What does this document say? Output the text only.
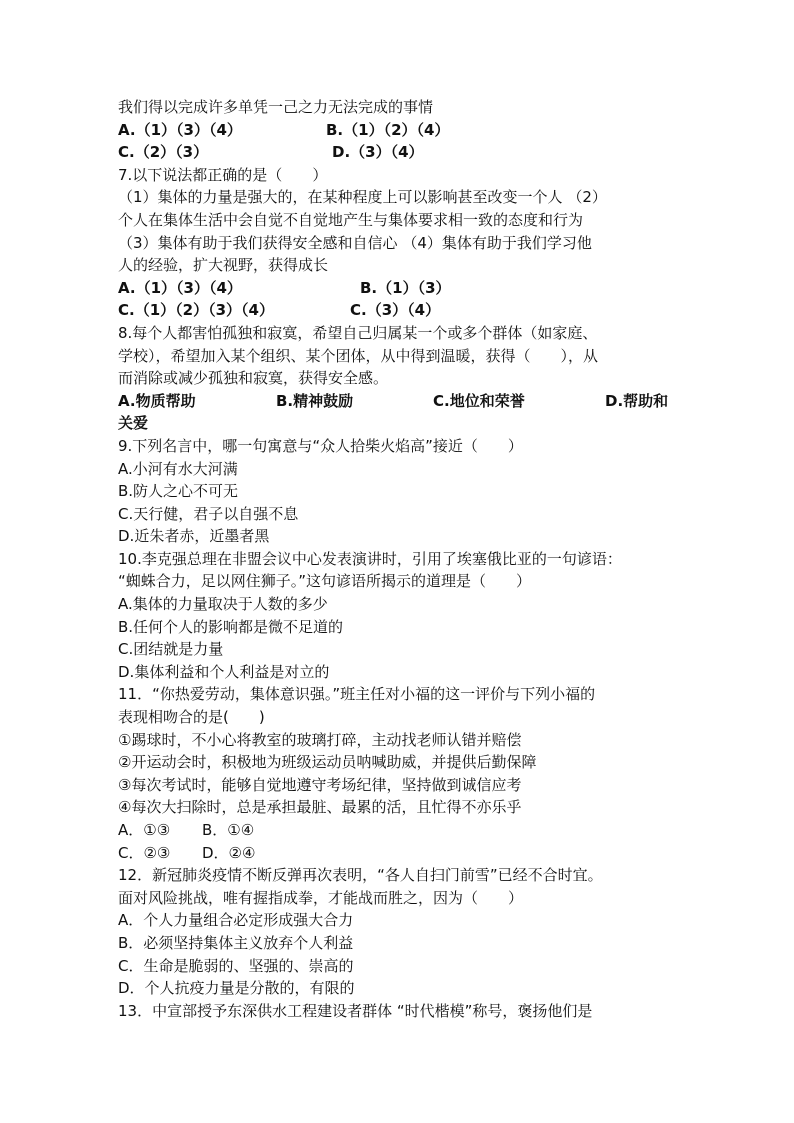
我们得以完成许多单凭一己之力无法完成的事情
A.（1）（3）（4）	B.（1）（2）（4）
C.（2）（3）	D.（3）（4）
7.以下说法都正确的是（　　）
（1）集体的力量是强大的，在某种程度上可以影响甚至改变一个人 （2）
个人在集体生活中会自觉不自觉地产生与集体要求相一致的态度和行为
（3）集体有助于我们获得安全感和自信心 （4）集体有助于我们学习他
人的经验，扩大视野，获得成长
A.（1）（3）（4）	B.（1）（3）
C.（1）（2）（3）（4）	C.（3）（4）
8.每个人都害怕孤独和寂寞，希望自己归属某一个或多个群体（如家庭、
学校），希望加入某个组织、某个团体，从中得到温暖，获得（　　），从
而消除或减少孤独和寂寞，获得安全感。
A.物质帮助	B.精神鼓励	C.地位和荣誉	D.帮助和
关爱
9.下列名言中，哪一句寓意与“众人拾柴火焰高”接近（　　）
A.小河有水大河满
B.防人之心不可无
C.天行健，君子以自强不息
D.近朱者赤，近墨者黑
10.李克强总理在非盟会议中心发表演讲时，引用了埃塞俄比亚的一句谚语：
“蜘蛛合力，足以网住狮子。”这句谚语所揭示的道理是（　　）
A.集体的力量取决于人数的多少
B.任何个人的影响都是微不足道的
C.团结就是力量
D.集体利益和个人利益是对立的
11．“你热爱劳动，集体意识强。”班主任对小福的这一评价与下列小福的
表现相吻合的是(　　)
①踢球时，不小心将教室的玻璃打碎，主动找老师认错并赔偿
②开运动会时，积极地为班级运动员呐喊助威，并提供后勤保障
③每次考试时，能够自觉地遵守考场纪律，坚持做到诚信应考
④每次大扫除时，总是承担最脏、最累的活，且忙得不亦乐乎
A．①③ B．①④
C．②③ D．②④
12．新冠肺炎疫情不断反弹再次表明，“各人自扫门前雪”已经不合时宜。
面对风险挑战，唯有握指成拳，才能战而胜之，因为（　　）
A．个人力量组合必定形成强大合力
B．必须坚持集体主义放弃个人利益
C．生命是脆弱的、坚强的、崇高的
D．个人抗疫力量是分散的，有限的
13．中宣部授予东深供水工程建设者群体 “时代楷模”称号，褒扬他们是
